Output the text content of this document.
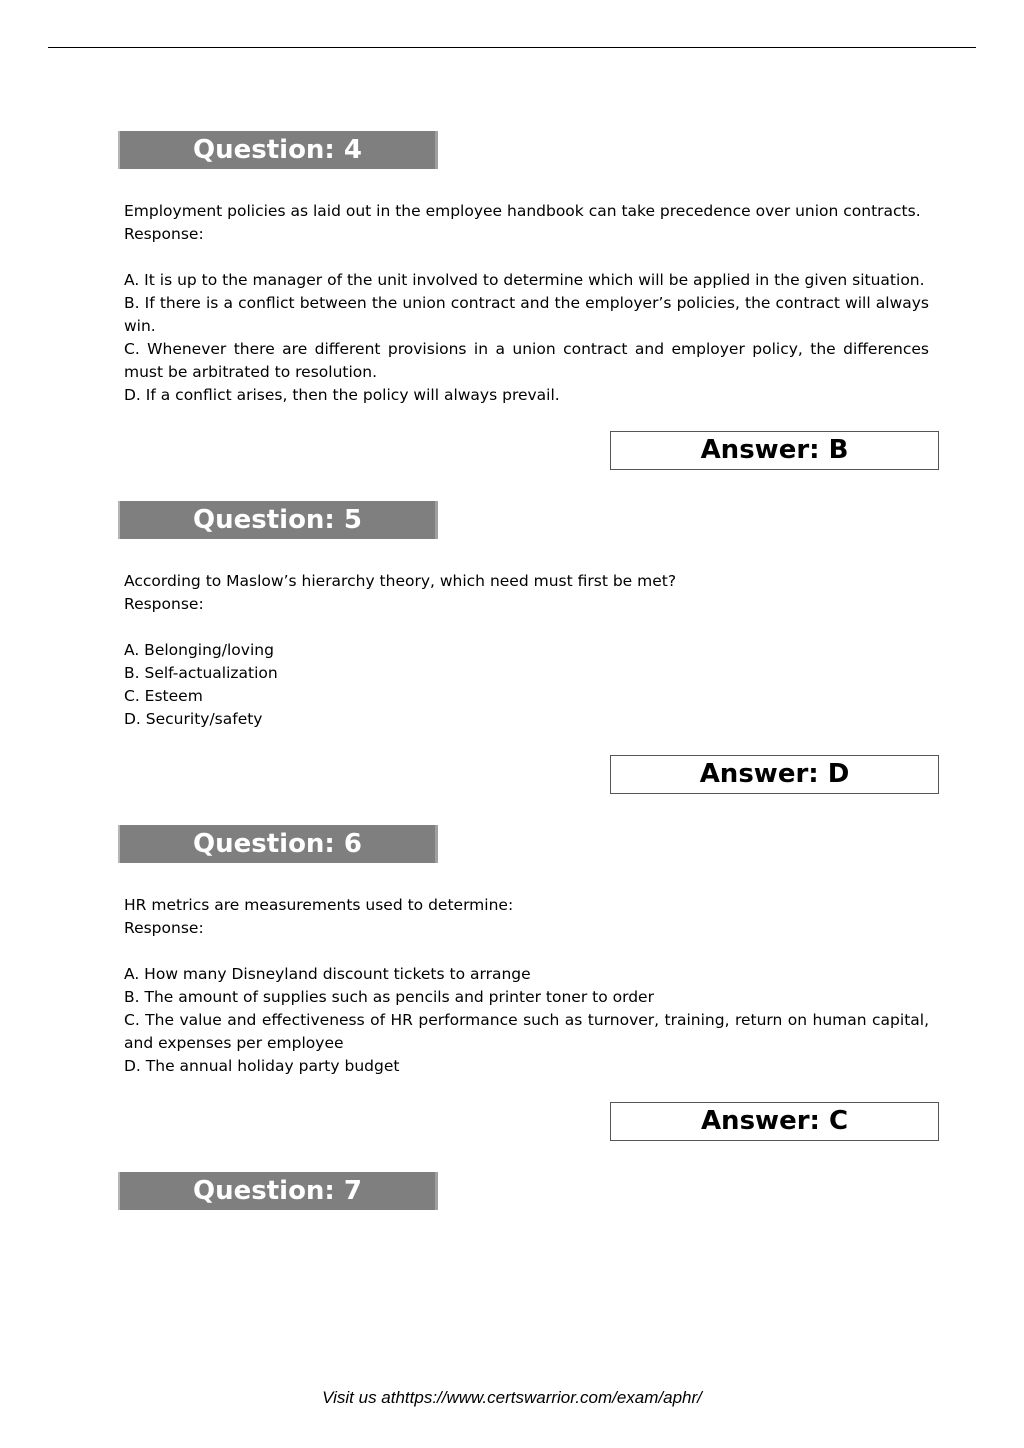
Question: 4

Employment policies as laid out in the employee handbook can take precedence over union contracts.

Response:

A. It is up to the manager of the unit involved to determine which will be applied in the given situation.

B. If there is a conflict between the union contract and the employer’s policies, the contract will always win.

C. Whenever there are different provisions in a union contract and employer policy, the differences must be arbitrated to resolution.

D. If a conflict arises, then the policy will always prevail.

Answer: B
Question: 5

According to Maslow’s hierarchy theory, which need must first be met?

Response:

A. Belonging/loving

B. Self-actualization

C. Esteem

D. Security/safety

Answer: D
Question: 6

HR metrics are measurements used to determine:

Response:

A. How many Disneyland discount tickets to arrange

B. The amount of supplies such as pencils and printer toner to order

C. The value and effectiveness of HR performance such as turnover, training, return on human capital, and expenses per employee

D. The annual holiday party budget

Answer: C
Question: 7
Visit us athttps://www.certswarrior.com/exam/aphr/
